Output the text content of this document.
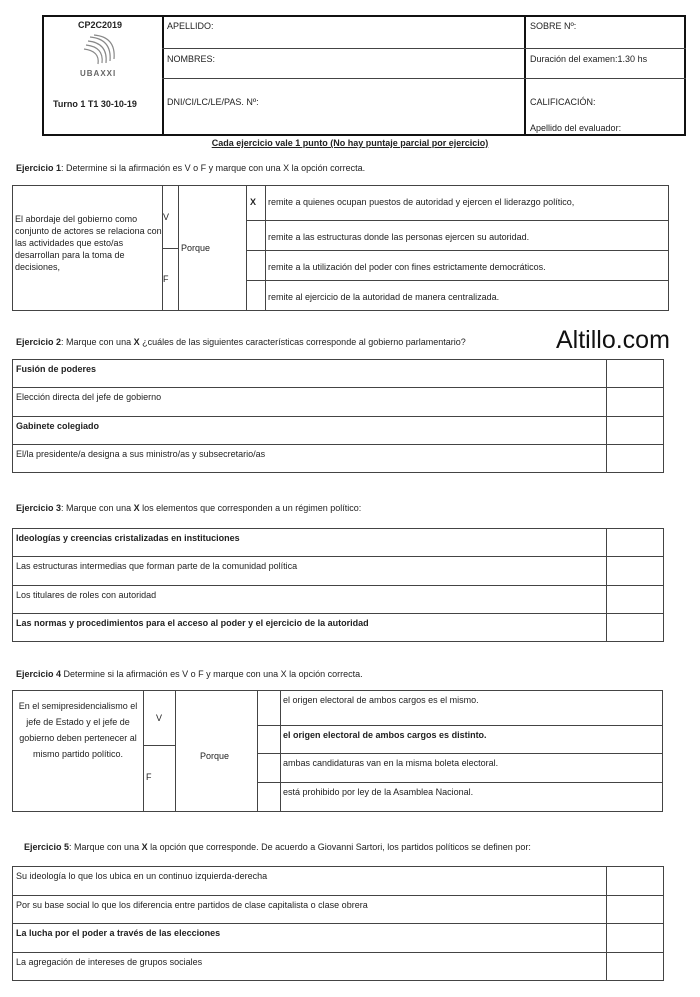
CP2C2019
UBAXXI
Turno 1 T1 30-10-19
APELLIDO:
NOMBRES:
DNI/CI/LC/LE/PAS. Nº:
SOBRE Nº:
Duración del examen:1.30 hs
CALIFICACIÓN:
Apellido del evaluador:
Cada ejercicio vale 1 punto (No hay puntaje parcial por ejercicio)
Ejercicio 1: Determine si la afirmación es V o F y marque con una X la opción correcta.
El abordaje del gobierno como conjunto de actores se relaciona con las actividades que esto/as desarrollan para la toma de decisiones,
V
F
Porque
Ejercicio 2: Marque con una X ¿cuáles de las siguientes características corresponde al gobierno parlamentario?	Altillo.com
Ejercicio 3: Marque con una X los elementos que corresponden a un régimen político:
Ejercicio 4 Determine si la afirmación es V o F y marque con una X la opción correcta.
En el semipresidencialismo el jefe de Estado y el jefe de gobierno deben pertenecer al mismo partido político.
V
F
Porque
Ejercicio 5: Marque con una X la opción que corresponde. De acuerdo a Giovanni Sartori, los partidos políticos se definen por:
X remite a quienes ocupan puestos de autoridad y ejercen el liderazgo político,
remite a las estructuras donde las personas ejercen su autoridad.
remite a la utilización del poder con fines estrictamente democráticos.
remite al ejercicio de la autoridad de manera centralizada.
el origen electoral de ambos cargos es el mismo.
el origen electoral de ambos cargos es distinto.
ambas candidaturas van en la misma boleta electoral.
está prohibido por ley de la Asamblea Nacional.
Fusión de poderes
Elección directa del jefe de gobierno
Gabinete colegiado
El/la presidente/a designa a sus ministro/as y subsecretario/as
Ideologías y creencias cristalizadas en instituciones
Las estructuras intermedias que forman parte de la comunidad política
Los titulares de roles con autoridad
Las normas y procedimientos para el acceso al poder y el ejercicio de la autoridad
Su ideología lo que los ubica en un continuo izquierda-derecha
Por su base social lo que los diferencia entre partidos de clase capitalista o clase obrera
La lucha por el poder a través de las elecciones
La agregación de intereses de grupos sociales
